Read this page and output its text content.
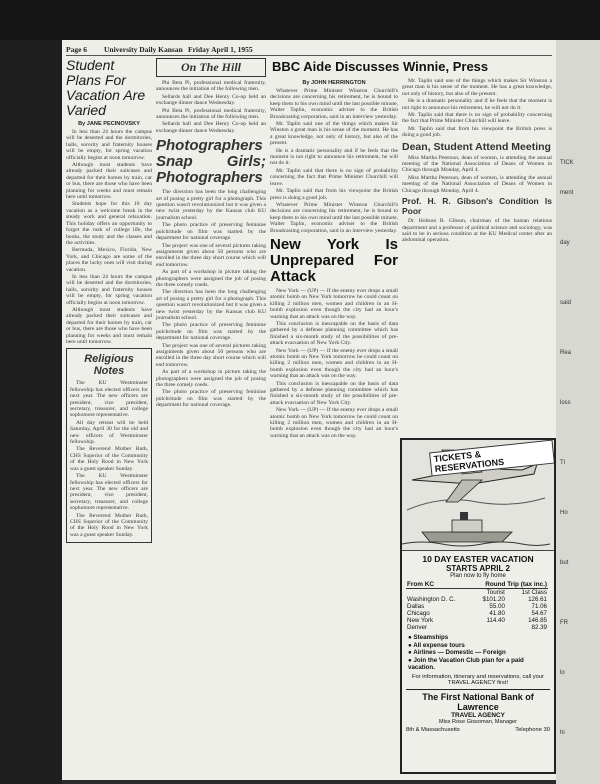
TICK
ment
day
said
Rea
loss
Tl
Ho
but
FR
lo
hi
Page 6 University Daily Kansan Friday April 1, 1955
Student Plans For Vacation Are Varied
By JANE PECINOVSKY

In less than 24 hours the campus will be deserted and the dormitories, halls, sorority and fraternity houses will be empty, for spring vacation officially begins at noon tomorrow.

Although most students have already packed their suitcases and departed for their homes by train, car or bus, there are those who have been planning for weeks and must remain here until tomorrow.

Students hope for this 10 day vacation as a welcome break in the steady work and general relaxation. This holiday offers an opportunity to forget the rush of college life, the books, the study and the classes and the activities.

Bermuda, Mexico, Florida, New York, and Chicago are some of the places the lucky ones will visit during vacation.

In less than 24 hours the campus will be deserted and the dormitories, halls, sorority and fraternity houses will be empty, for spring vacation officially begins at noon tomorrow.

Although most students have already packed their suitcases and departed for their homes by train, car or bus, there are those who have been planning for weeks and must remain here until tomorrow.

Religious Notes

The KU Westminster fellowship has elected officers for next year. The new officers are president, vice president, secretary, treasurer, and college sophomore representative.

All day retreat will be held Saturday, April 30 for the old and new officers of Westminster fellowship.

The Reverend Mother Ruth, CHS Superior of the Community of the Holy Rood in New York was a guest speaker Sunday.

The KU Westminster fellowship has elected officers for next year. The new officers are president, vice president, secretary, treasurer, and college sophomore representative.

The Reverend Mother Ruth, CHS Superior of the Community of the Holy Rood in New York was a guest speaker Sunday.

On The Hill

Phi Beta Pi, professional medical fraternity, announces the initiation of the following men.

Sellards hall and Dee Henry Co-op held an exchange dinner dance Wednesday.

Phi Beta Pi, professional medical fraternity, announces the initiation of the following men.

Sellards hall and Dee Henry Co-op held an exchange dinner dance Wednesday.

Photographers Snap Girls; Photographers

The direction has been the long challenging art of posing a pretty girl for a photograph. This question wasn't revolutionized but it was given a new twist yesterday by the Kansas club KU journalism school.

The photo practice of preserving feminine pulchritude on film was started by the department for national coverage.

The project was one of several pictures taking assignments given about 50 persons who are enrolled in the three day short course which will end tomorrow.

As part of a workshop in picture taking the photographers were assigned the job of posing the three comely coeds.

The direction has been the long challenging art of posing a pretty girl for a photograph. This question wasn't revolutionized but it was given a new twist yesterday by the Kansas club KU journalism school.

The photo practice of preserving feminine pulchritude on film was started by the department for national coverage.

The project was one of several pictures taking assignments given about 50 persons who are enrolled in the three day short course which will end tomorrow.

As part of a workshop in picture taking the photographers were assigned the job of posing the three comely coeds.

The photo practice of preserving feminine pulchritude on film was started by the department for national coverage.

BBC Aide Discusses Winnie, Press
By JOHN HERRINGTON

Whatever Prime Minister Winston Churchill's decisions are concerning his retirement, he is bound to keep them to his own mind until the last possible minute, Walter Taplin, economic adviser to the British Broadcasting corporation, said in an interview yesterday.

Mr. Taplin said one of the things which makes Sir Winston a great man is his sense of the moment. He has a great knowledge, not only of history, but also of the present.

He is a dramatic personality and if he feels that the moment is not right to announce his retirement, he will not do it.

Mr. Taplin said that there is no sign of probability concerning the fact that Prime Minister Churchill will leave.

Mr. Taplin said that from his viewpoint the British press is doing a good job.

Whatever Prime Minister Winston Churchill's decisions are concerning his retirement, he is bound to keep them to his own mind until the last possible minute, Walter Taplin, economic adviser to the British Broadcasting corporation, said in an interview yesterday.

New York Is Unprepared For Attack

New York — (UP) — If the enemy ever drops a small atomic bomb on New York tomorrow he could count on killing 2 million men, women and children in an H-bomb explosion even though the city had an hour's warning that an attack was on the way.

This conclusion is inescapable on the basis of data gathered by a defense planning committee which has finished a six-month study of the possibilities of pre-attack evacuation of New York City.

New York — (UP) — If the enemy ever drops a small atomic bomb on New York tomorrow he could count on killing 2 million men, women and children in an H-bomb explosion even though the city had an hour's warning that an attack was on the way.

This conclusion is inescapable on the basis of data gathered by a defense planning committee which has finished a six-month study of the possibilities of pre-attack evacuation of New York City.

New York — (UP) — If the enemy ever drops a small atomic bomb on New York tomorrow he could count on killing 2 million men, women and children in an H-bomb explosion even though the city had an hour's warning that an attack was on the way.

Mr. Taplin said one of the things which makes Sir Winston a great man is his sense of the moment. He has a great knowledge, not only of history, but also of the present.

He is a dramatic personality and if he feels that the moment is not right to announce his retirement, he will not do it.

Mr. Taplin said that there is no sign of probability concerning the fact that Prime Minister Churchill will leave.

Mr. Taplin said that from his viewpoint the British press is doing a good job.

Dean, Student Attend Meeting

Miss Martha Peterson, dean of women, is attending the annual meeting of the National Association of Deans of Women in Chicago through Monday, April 4.

Miss Martha Peterson, dean of women, is attending the annual meeting of the National Association of Deans of Women in Chicago through Monday, April 4.

Prof. H. R. Gibson's Condition Is Poor

Dr. Hobson R. Gibson, chairman of the human relations department and a professor of political science and sociology, was said to be in serious condition at the KU Medical center after an abdominal operation.

TICKETS & RESERVATIONS
10 DAY EASTER VACATION
STARTS APRIL 2
Plan now to fly home
From KC	Round Trip (tax inc.)	
	Tourist	1st Class
Washington D. C.	$101.20	126.61
Dallas	55.00	71.06
Chicago	41.80	54.67
New York	114.40	146.85
Denver		82.39
● Steamships
● All expense tours
● Airlines — Domestic — Foreign
● Join the Vacation Club plan for a paid vacation.
For information, itinerary and reservations, call your TRAVEL AGENCY first!
The First National Bank of Lawrence
TRAVEL AGENCY
Miss Rose Gissoman, Manager
8th & Massachusetts	Telephone 30
